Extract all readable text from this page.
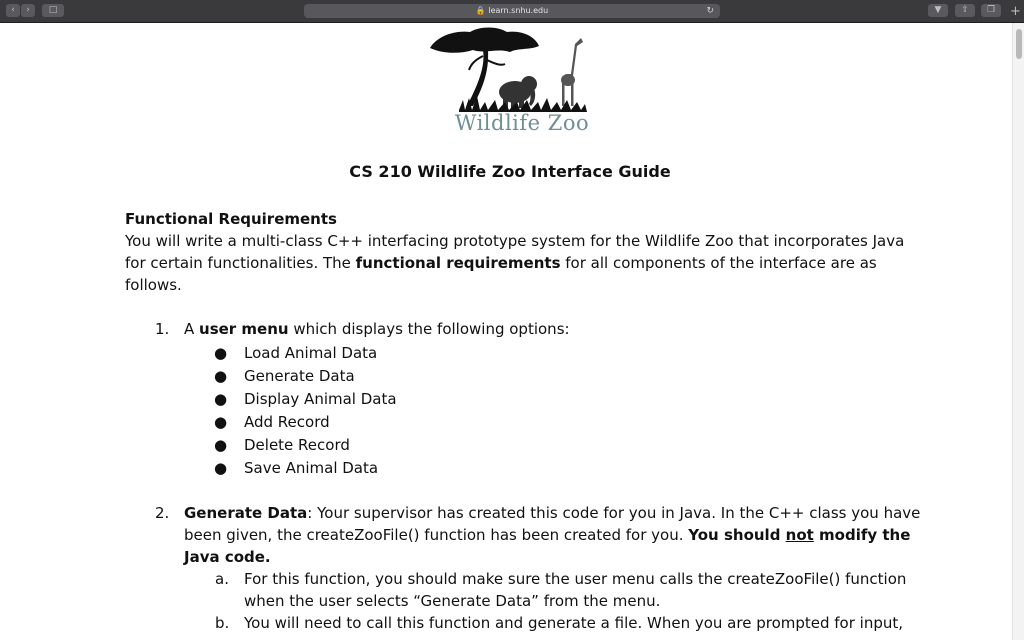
‹	›	□	🔒 learn.snhu.edu	↻	▼	⇧	❐	+
Wildlife Zoo
CS 210 Wildlife Zoo Interface Guide
Functional Requirements
You will write a multi-class C++ interfacing prototype system for the Wildlife Zoo that incorporates Java
for certain functionalities. The functional requirements for all components of the interface are as
follows.
1. A user menu which displays the following options:
● Load Animal Data
● Generate Data
● Display Animal Data
● Add Record
● Delete Record
● Save Animal Data
2. Generate Data: Your supervisor has created this code for you in Java. In the C++ class you have
been given, the createZooFile() function has been created for you. You should not modify the
Java code.
a. For this function, you should make sure the user menu calls the createZooFile() function
when the user selects “Generate Data” from the menu.
b. You will need to call this function and generate a file. When you are prompted for input,
